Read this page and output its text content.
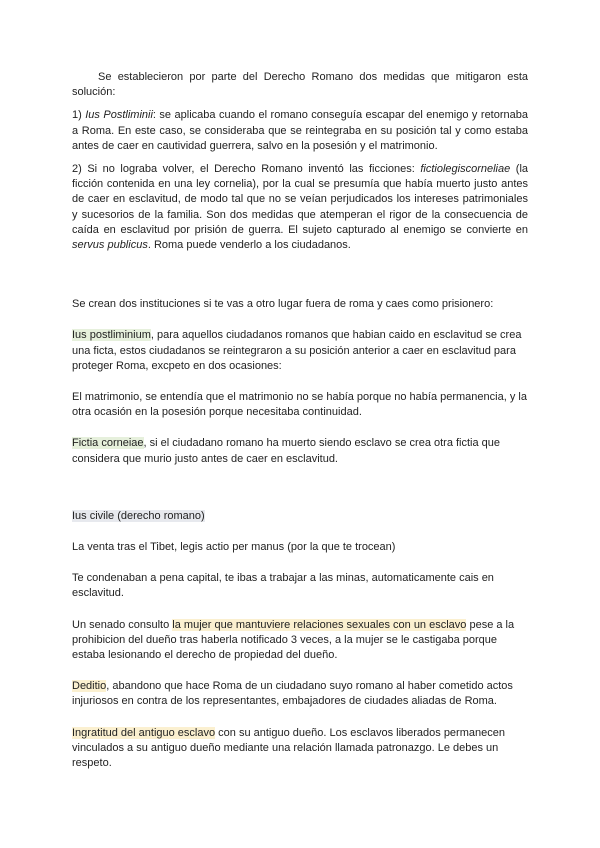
Se establecieron por parte del Derecho Romano dos medidas que mitigaron esta solución:

1) Ius Postliminii: se aplicaba cuando el romano conseguía escapar del enemigo y retornaba a Roma. En este caso, se consideraba que se reintegraba en su posición tal y como estaba antes de caer en cautividad guerrera, salvo en la posesión y el matrimonio.

2) Si no lograba volver, el Derecho Romano inventó las ficciones: fictiolegiscorneliae (la ficción contenida en una ley cornelia), por la cual se presumía que había muerto justo antes de caer en esclavitud, de modo tal que no se veían perjudicados los intereses patrimoniales y sucesorios de la familia. Son dos medidas que atemperan el rigor de la consecuencia de caída en esclavitud por prisión de guerra. El sujeto capturado al enemigo se convierte en servus publicus. Roma puede venderlo a los ciudadanos.

Se crean dos instituciones si te vas a otro lugar fuera de roma y caes como prisionero:

Ius postliminium, para aquellos ciudadanos romanos que habian caido en esclavitud se crea una ficta, estos ciudadanos se reintegraron a su posición anterior a caer en esclavitud para proteger Roma, excpeto en dos ocasiones:

El matrimonio, se entendía que el matrimonio no se había porque no había permanencia, y la otra ocasión en la posesión porque necesitaba continuidad.

Fictia corneiae, si el ciudadano romano ha muerto siendo esclavo se crea otra fictia que considera que murio justo antes de caer en esclavitud.

Ius civile (derecho romano)

La venta tras el Tibet, legis actio per manus (por la que te trocean)

Te condenaban a pena capital, te ibas a trabajar a las minas, automaticamente cais en esclavitud.

Un senado consulto la mujer que mantuviere relaciones sexuales con un esclavo pese a la prohibicion del dueño tras haberla notificado 3 veces, a la mujer se le castigaba porque estaba lesionando el derecho de propiedad del dueño.

Deditio, abandono que hace Roma de un ciudadano suyo romano al haber cometido actos injuriosos en contra de los representantes, embajadores de ciudades aliadas de Roma.

Ingratitud del antiguo esclavo con su antiguo dueño. Los esclavos liberados permanecen vinculados a su antiguo dueño mediante una relación llamada patronazgo. Le debes un respeto.
